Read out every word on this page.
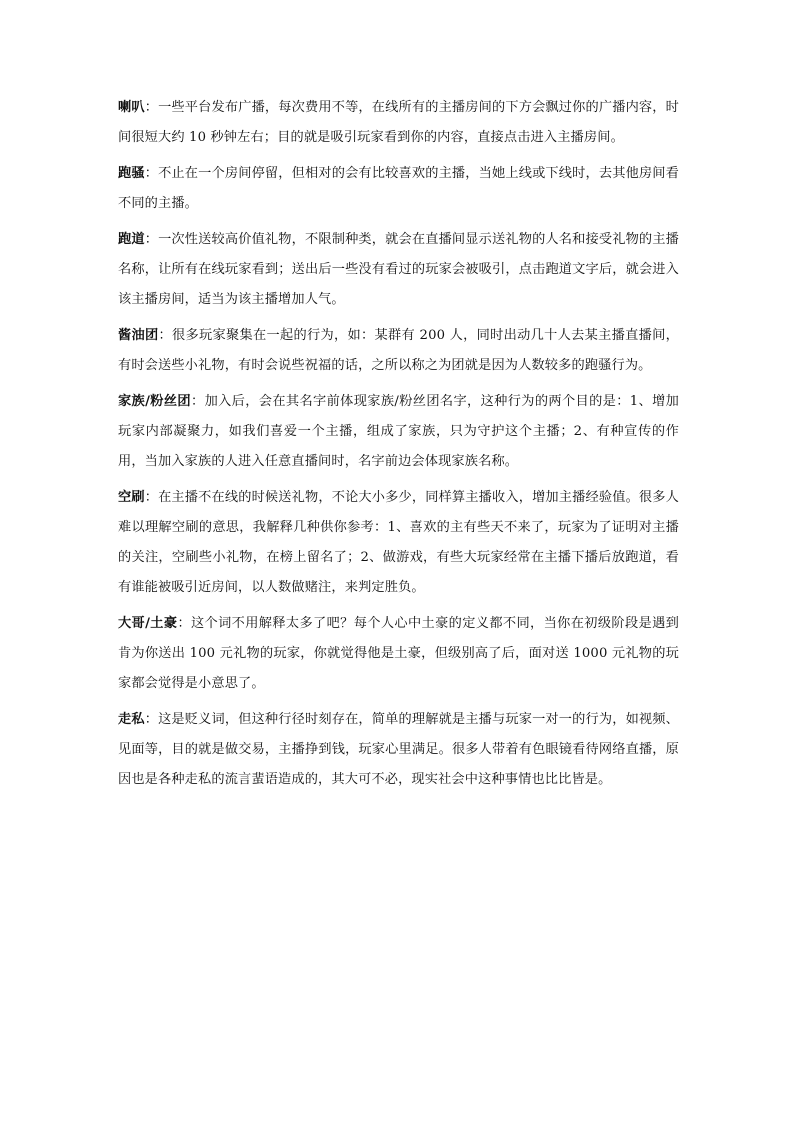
喇叭：一些平台发布广播，每次费用不等，在线所有的主播房间的下方会飘过你的广播内容，时间很短大约 10 秒钟左右；目的就是吸引玩家看到你的内容，直接点击进入主播房间。

跑骚：不止在一个房间停留，但相对的会有比较喜欢的主播，当她上线或下线时，去其他房间看不同的主播。

跑道：一次性送较高价值礼物，不限制种类，就会在直播间显示送礼物的人名和接受礼物的主播名称，让所有在线玩家看到；送出后一些没有看过的玩家会被吸引，点击跑道文字后，就会进入该主播房间，适当为该主播增加人气。

酱油团：很多玩家聚集在一起的行为，如：某群有 200 人，同时出动几十人去某主播直播间，有时会送些小礼物，有时会说些祝福的话，之所以称之为团就是因为人数较多的跑骚行为。

家族/粉丝团：加入后，会在其名字前体现家族/粉丝团名字，这种行为的两个目的是：1、增加玩家内部凝聚力，如我们喜爱一个主播，组成了家族，只为守护这个主播；2、有种宣传的作用，当加入家族的人进入任意直播间时，名字前边会体现家族名称。

空刷：在主播不在线的时候送礼物，不论大小多少，同样算主播收入，增加主播经验值。很多人难以理解空刷的意思，我解释几种供你参考：1、喜欢的主有些天不来了，玩家为了证明对主播的关注，空刷些小礼物，在榜上留名了；2、做游戏，有些大玩家经常在主播下播后放跑道，看有谁能被吸引近房间，以人数做赌注，来判定胜负。

大哥/土豪：这个词不用解释太多了吧？每个人心中土豪的定义都不同，当你在初级阶段是遇到肯为你送出 100 元礼物的玩家，你就觉得他是土豪，但级别高了后，面对送 1000 元礼物的玩家都会觉得是小意思了。

走私：这是贬义词，但这种行径时刻存在，简单的理解就是主播与玩家一对一的行为，如视频、见面等，目的就是做交易，主播挣到钱，玩家心里满足。很多人带着有色眼镜看待网络直播，原因也是各种走私的流言蜚语造成的，其大可不必，现实社会中这种事情也比比皆是。
